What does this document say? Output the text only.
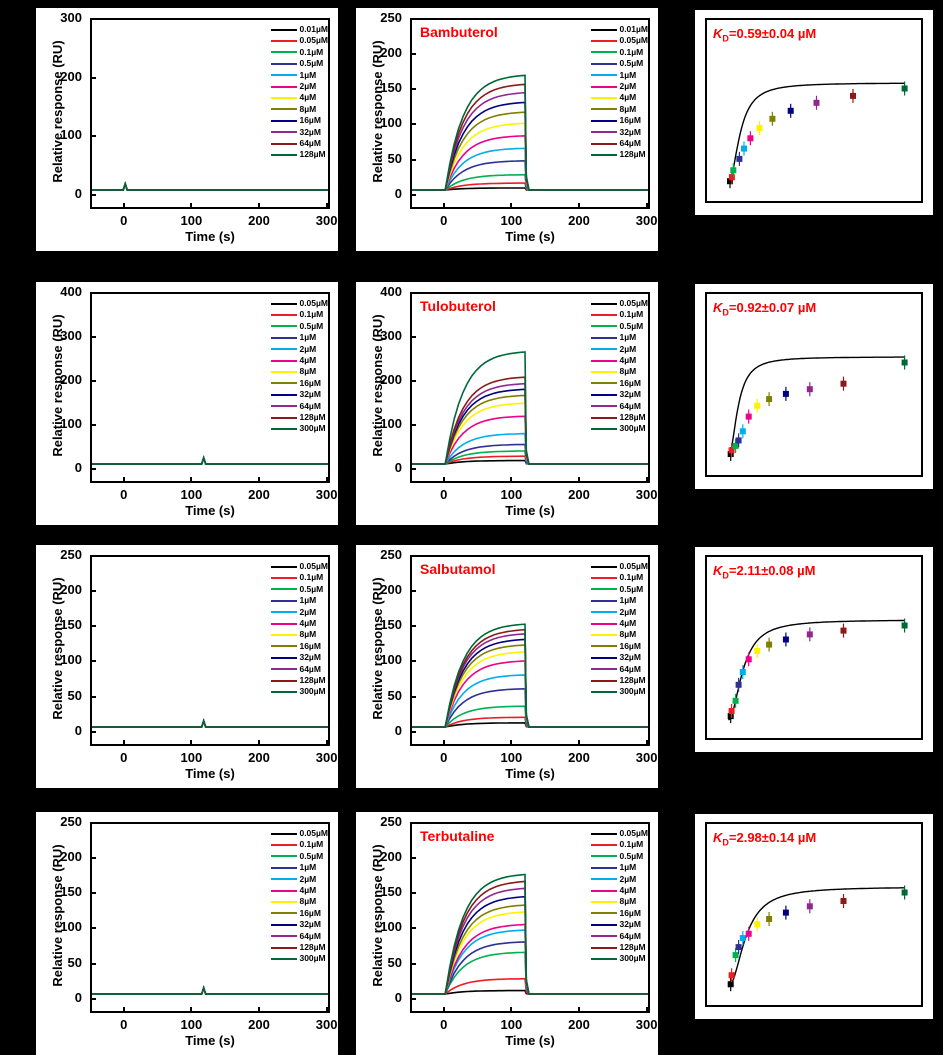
Relative response (RU)
Time (s)
0
100
200
300
0	100	200	300
0.01µM
0.05µM
0.1µM
0.5µM
1µM
2µM
4µM
8µM
16µM
32µM
64µM
128µM	Relative response (RU)
Time (s)
0
50
100
150
200
250
0	100	200	300
0.01µM
0.05µM
0.1µM
0.5µM
1µM
2µM
4µM
8µM
16µM
32µM
64µM
128µM
Bambuterol	$K_D=0.59\pm 0.04$ µM
Relative response (RU)
Time (s)
0
100
200
300
400
0	100	200	300
0.05µM
0.1µM
0.5µM
1µM
2µM
4µM
8µM
16µM
32µM
64µM
128µM
300µM	Relative response (RU)
Time (s)
0
100
200
300
400
0	100	200	300
0.05µM
0.1µM
0.5µM
1µM
2µM
4µM
8µM
16µM
32µM
64µM
128µM
300µM
Tulobuterol	$K_D=0.92\pm 0.07$ µM
Relative response (RU)
Time (s)
0
50
100
150
200
250
0	100	200	300
0.05µM
0.1µM
0.5µM
1µM
2µM
4µM
8µM
16µM
32µM
64µM
128µM
300µM	Relative response (RU)
Time (s)
0
50
100
150
200
250
0	100	200	300
0.05µM
0.1µM
0.5µM
1µM
2µM
4µM
8µM
16µM
32µM
64µM
128µM
300µM
Salbutamol	$K_D=2.11\pm 0.08$ µM
Relative response (RU)
Time (s)
0
50
100
150
200
250
0	100	200	300
0.05µM
0.1µM
0.5µM
1µM
2µM
4µM
8µM
16µM
32µM
64µM
128µM
300µM	Relative response (RU)
Time (s)
0
50
100
150
200
250
0	100	200	300
0.05µM
0.1µM
0.5µM
1µM
2µM
4µM
8µM
16µM
32µM
64µM
128µM
300µM
Terbutaline	$K_D=2.98\pm 0.14$ µM
